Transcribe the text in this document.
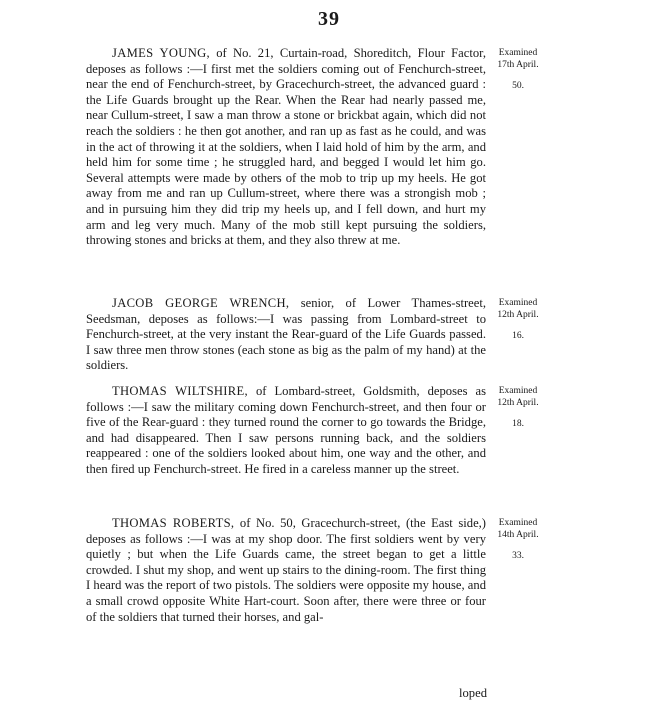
39

JAMES YOUNG, of No. 21, Curtain-road, Shoreditch, Flour Factor, deposes as follows :—I first met the soldiers coming out of Fenchurch-street, near the end of Fenchurch-street, by Gracechurch-street, the advanced guard : the Life Guards brought up the Rear. When the Rear had nearly passed me, near Cullum-street, I saw a man throw a stone or brickbat again, which did not reach the soldiers : he then got another, and ran up as fast as he could, and was in the act of throwing it at the soldiers, when I laid hold of him by the arm, and held him for some time ; he struggled hard, and begged I would let him go. Several attempts were made by others of the mob to trip up my heels. He got away from me and ran up Cullum-street, where there was a strongish mob ; and in pursuing him they did trip my heels up, and I fell down, and hurt my arm and leg very much. Many of the mob still kept pursuing the soldiers, throwing stones and bricks at them, and they also threw at me.

Examined
17th April.
50.

JACOB GEORGE WRENCH, senior, of Lower Thames-street, Seedsman, deposes as follows:—I was passing from Lombard-street to Fenchurch-street, at the very instant the Rear-guard of the Life Guards passed. I saw three men throw stones (each stone as big as the palm of my hand) at the soldiers.

Examined
12th April.
16.

THOMAS WILTSHIRE, of Lombard-street, Goldsmith, deposes as follows :—I saw the military coming down Fenchurch-street, and then four or five of the Rear-guard : they turned round the corner to go towards the Bridge, and had disappeared. Then I saw persons running back, and the soldiers reappeared : one of the soldiers looked about him, one way and the other, and then fired up Fenchurch-street. He fired in a careless manner up the street.

Examined
12th April.
18.

THOMAS ROBERTS, of No. 50, Gracechurch-street, (the East side,) deposes as follows :—I was at my shop door. The first soldiers went by very quietly ; but when the Life Guards came, the street began to get a little crowded. I shut my shop, and went up stairs to the dining-room. The first thing I heard was the report of two pistols. The soldiers were opposite my house, and a small crowd opposite White Hart-court. Soon after, there were three or four of the soldiers that turned their horses, and gal-

Examined
14th April.
33.
loped
